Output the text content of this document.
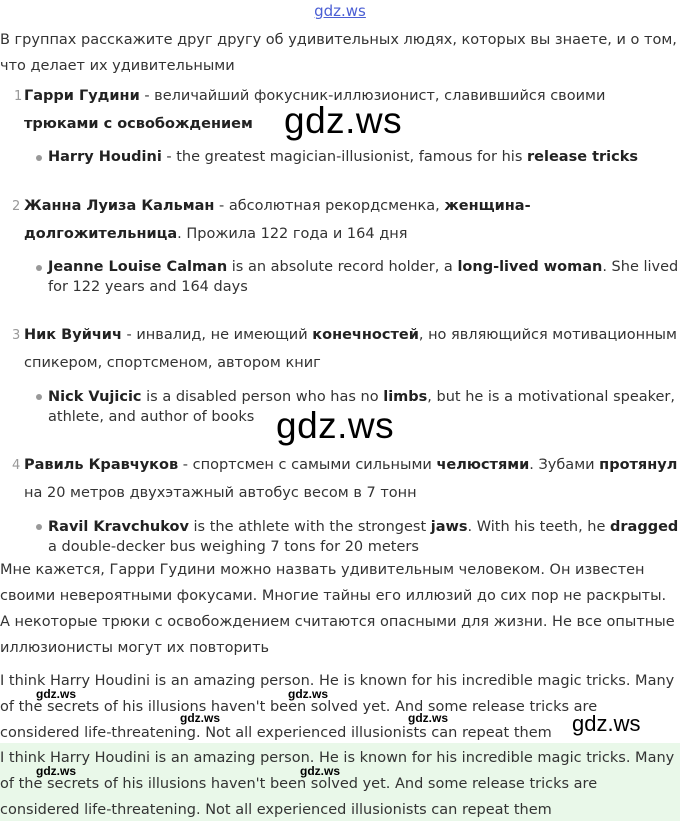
gdz.ws
В группах расскажите друг другу об удивительных людях, которых вы знаете, и о том, что делает их удивительными
1 Гарри Гудини - величайший фокусник-иллюзионист, славившийся своими трюками с освобождением
Harry Houdini - the greatest magician-illusionist, famous for his release tricks
2 Жанна Луиза Кальман - абсолютная рекордсменка, женщина-долгожительница. Прожила 122 года и 164 дня
Jeanne Louise Calman is an absolute record holder, a long-lived woman. She lived for 122 years and 164 days
3 Ник Вуйчич - инвалид, не имеющий конечностей, но являющийся мотивационным спикером, спортсменом, автором книг
Nick Vujicic is a disabled person who has no limbs, but he is a motivational speaker, athlete, and author of books
4 Равиль Кравчуков - спортсмен с самыми сильными челюстями. Зубами протянул на 20 метров двухэтажный автобус весом в 7 тонн
Ravil Kravchukov is the athlete with the strongest jaws. With his teeth, he dragged a double-decker bus weighing 7 tons for 20 meters
Мне кажется, Гарри Гудини можно назвать удивительным человеком. Он известен своими невероятными фокусами. Многие тайны его иллюзий до сих пор не раскрыты. А некоторые трюки с освобождением считаются опасными для жизни. Не все опытные иллюзионисты могут их повторить
I think Harry Houdini is an amazing person. He is known for his incredible magic tricks. Many of the secrets of his illusions haven't been solved yet. And some release tricks are considered life-threatening. Not all experienced illusionists can repeat them
I think Harry Houdini is an amazing person. He is known for his incredible magic tricks. Many of the secrets of his illusions haven't been solved yet. And some release tricks are considered life-threatening. Not all experienced illusionists can repeat them
gdz.ws
gdz.ws
gdz.ws
gdz.ws	gdz.ws
gdz.ws	gdz.ws
gdz.ws	gdz.ws
